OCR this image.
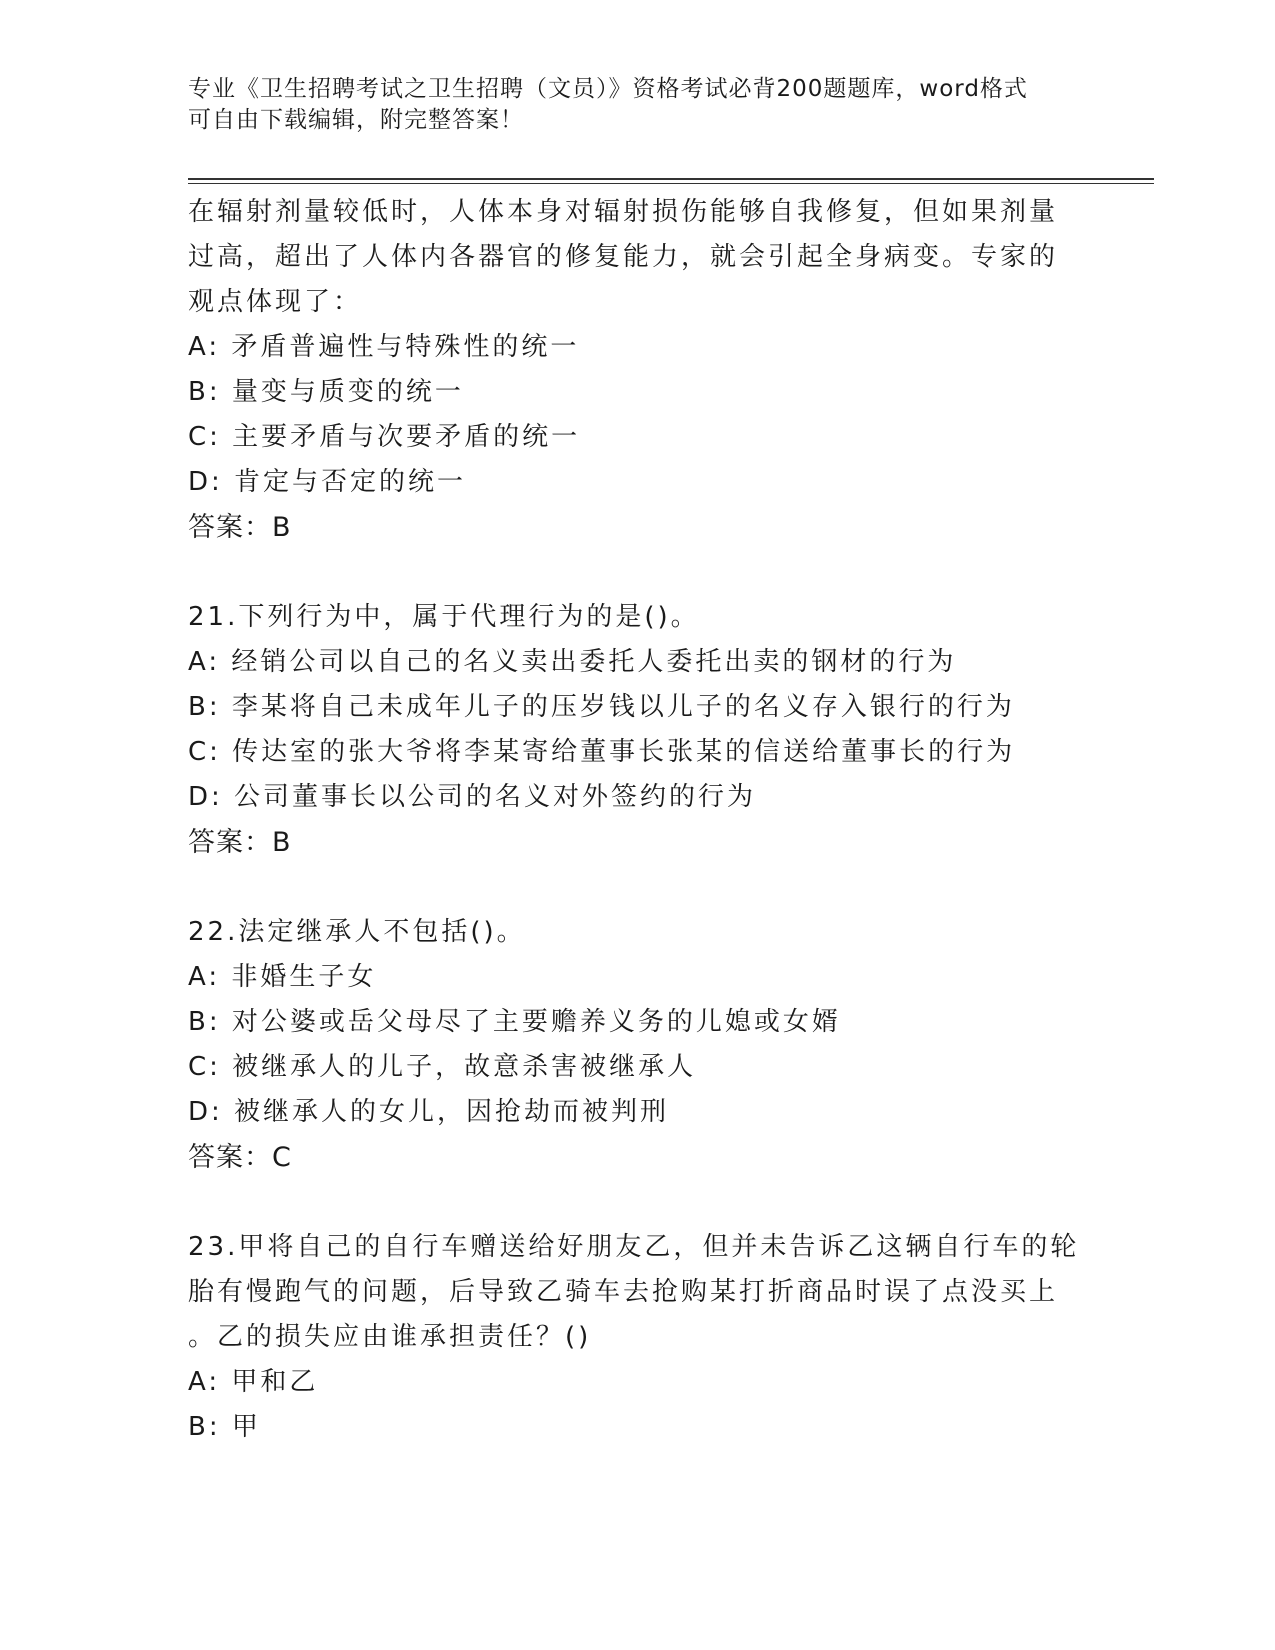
专业《卫生招聘考试之卫生招聘（文员）》资格考试必背200题题库，word格式
可自由下载编辑，附完整答案！
在辐射剂量较低时，人体本身对辐射损伤能够自我修复，但如果剂量
过高，超出了人体内各器官的修复能力，就会引起全身病变。专家的
观点体现了：
A: 矛盾普遍性与特殊性的统一
B: 量变与质变的统一
C: 主要矛盾与次要矛盾的统一
D: 肯定与否定的统一
答案：B
21.下列行为中，属于代理行为的是()。
A: 经销公司以自己的名义卖出委托人委托出卖的钢材的行为
B: 李某将自己未成年儿子的压岁钱以儿子的名义存入银行的行为
C: 传达室的张大爷将李某寄给董事长张某的信送给董事长的行为
D: 公司董事长以公司的名义对外签约的行为
答案：B
22.法定继承人不包括()。
A: 非婚生子女
B: 对公婆或岳父母尽了主要赡养义务的儿媳或女婿
C: 被继承人的儿子，故意杀害被继承人
D: 被继承人的女儿，因抢劫而被判刑
答案：C
23.甲将自己的自行车赠送给好朋友乙，但并未告诉乙这辆自行车的轮
胎有慢跑气的问题，后导致乙骑车去抢购某打折商品时误了点没买上
。乙的损失应由谁承担责任？()
A: 甲和乙
B: 甲
